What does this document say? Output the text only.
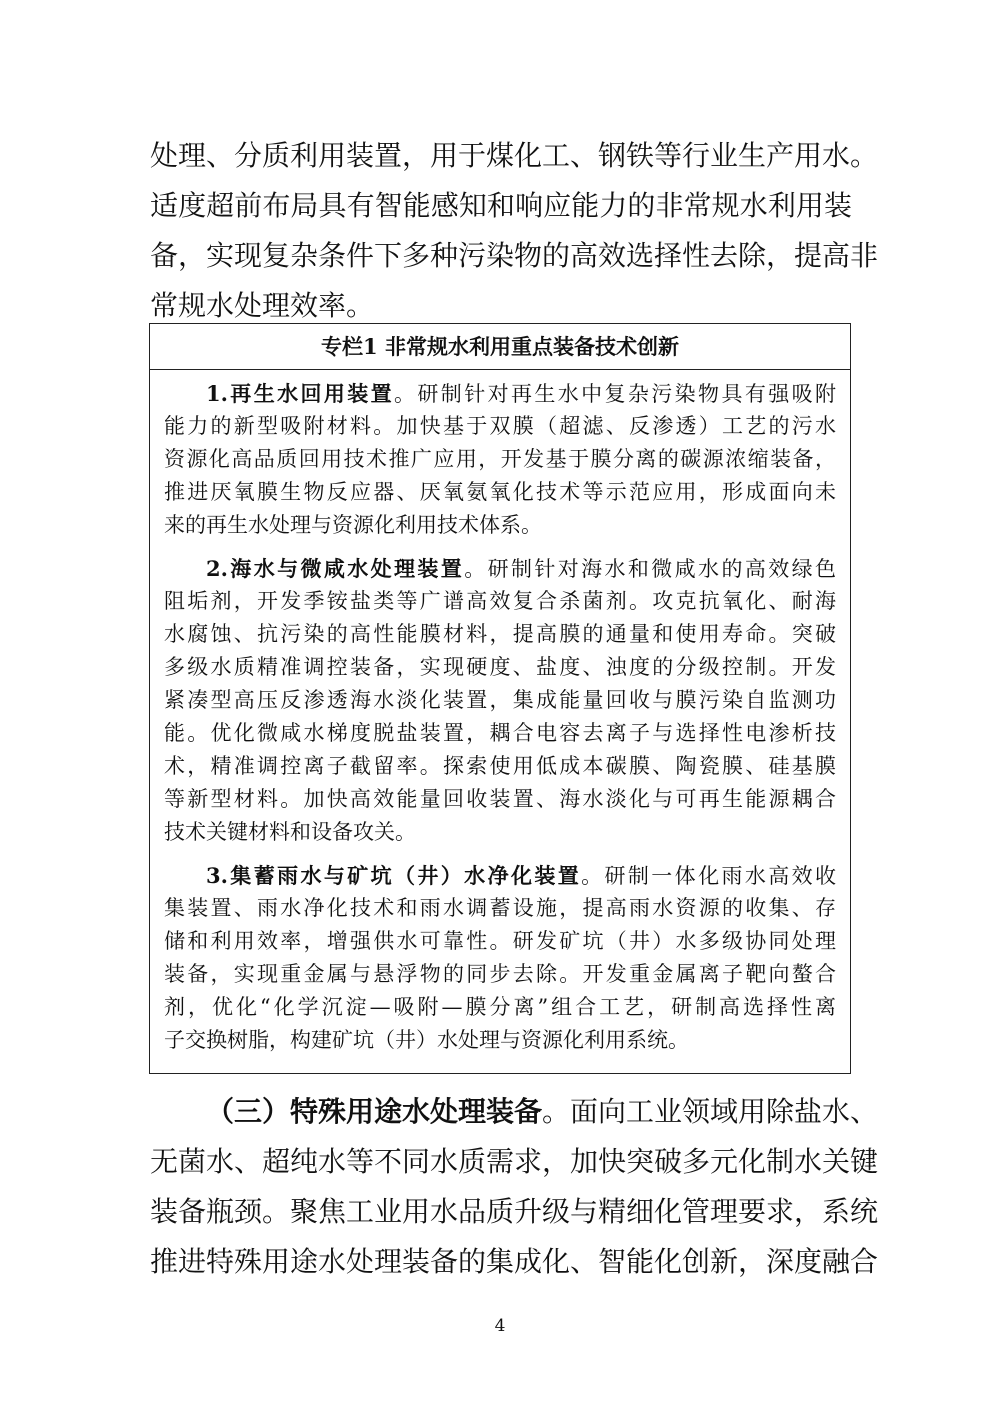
处理、分质利用装置，用于煤化工、钢铁等行业生产用水。
适度超前布局具有智能感知和响应能力的非常规水利用装
备，实现复杂条件下多种污染物的高效选择性去除，提高非
常规水处理效率。
专栏1 非常规水利用重点装备技术创新
1.再生水回用装置。研制针对再生水中复杂污染物具有强吸附
能力的新型吸附材料。加快基于双膜（超滤、反渗透）工艺的污水
资源化高品质回用技术推广应用，开发基于膜分离的碳源浓缩装备，
推进厌氧膜生物反应器、厌氧氨氧化技术等示范应用，形成面向未
来的再生水处理与资源化利用技术体系。
2.海水与微咸水处理装置。研制针对海水和微咸水的高效绿色
阻垢剂，开发季铵盐类等广谱高效复合杀菌剂。攻克抗氧化、耐海
水腐蚀、抗污染的高性能膜材料，提高膜的通量和使用寿命。突破
多级水质精准调控装备，实现硬度、盐度、浊度的分级控制。开发
紧凑型高压反渗透海水淡化装置，集成能量回收与膜污染自监测功
能。优化微咸水梯度脱盐装置，耦合电容去离子与选择性电渗析技
术，精准调控离子截留率。探索使用低成本碳膜、陶瓷膜、硅基膜
等新型材料。加快高效能量回收装置、海水淡化与可再生能源耦合
技术关键材料和设备攻关。
3.集蓄雨水与矿坑（井）水净化装置。研制一体化雨水高效收
集装置、雨水净化技术和雨水调蓄设施，提高雨水资源的收集、存
储和利用效率，增强供水可靠性。研发矿坑（井）水多级协同处理
装备，实现重金属与悬浮物的同步去除。开发重金属离子靶向螯合
剂，优化“化学沉淀—吸附—膜分离”组合工艺，研制高选择性离
子交换树脂，构建矿坑（井）水处理与资源化利用系统。
（三）特殊用途水处理装备。面向工业领域用除盐水、
无菌水、超纯水等不同水质需求，加快突破多元化制水关键
装备瓶颈。聚焦工业用水品质升级与精细化管理要求，系统
推进特殊用途水处理装备的集成化、智能化创新，深度融合
4
